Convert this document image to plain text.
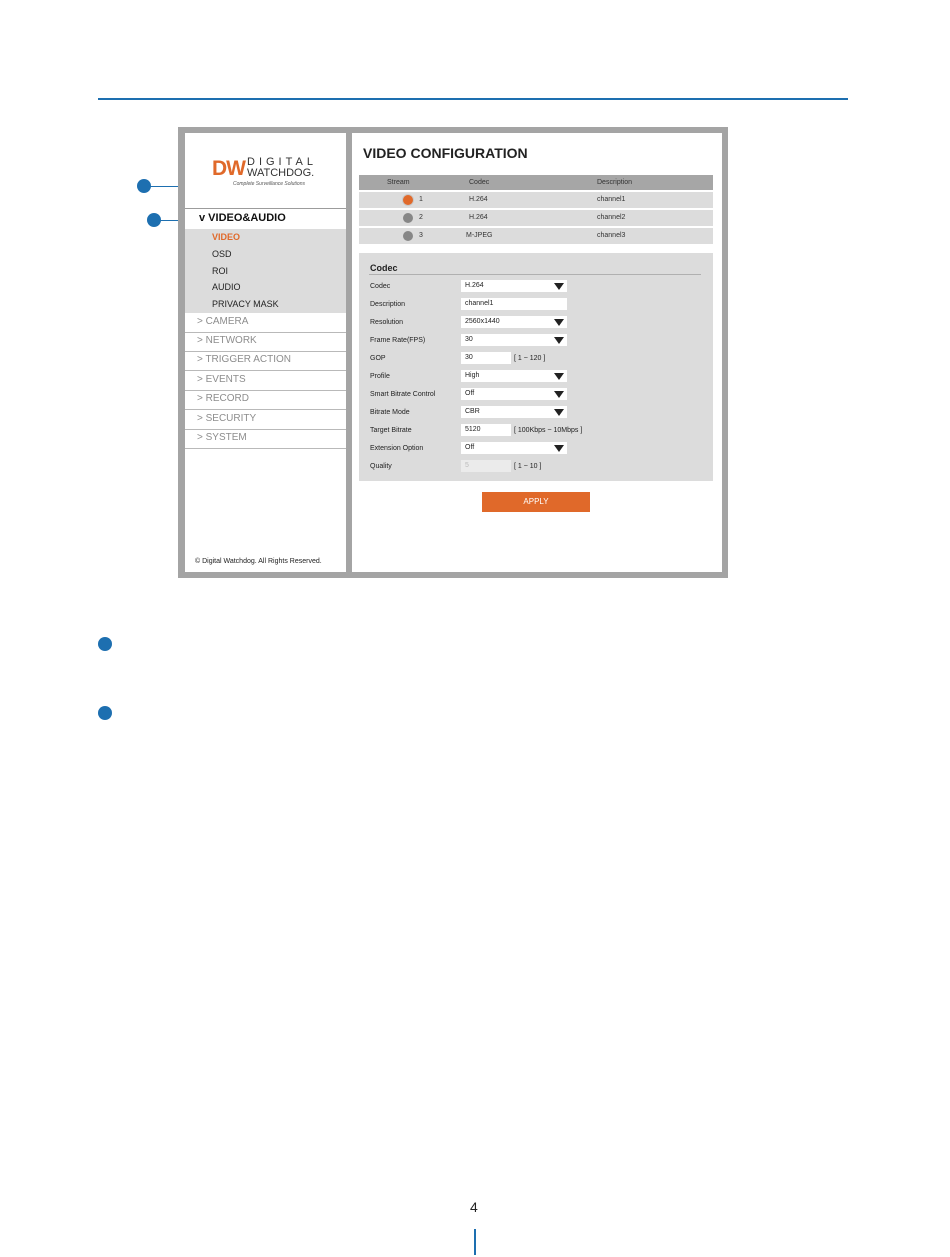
DW DIGITAL
WATCHDOG.
Complete Surveillance Solutions
v VIDEO&AUDIO
VIDEO
OSD
ROI
AUDIO
PRIVACY MASK
> CAMERA
> NETWORK
> TRIGGER ACTION
> EVENTS
> RECORD
> SECURITY
> SYSTEM
© Digital Watchdog. All Rights Reserved.
VIDEO CONFIGURATION
Stream	Codec	Description
1	H.264	channel1
2	H.264	channel2
3	M-JPEG	channel3
Codec
Codec	H.264
Description	channel1
Resolution	2560x1440
Frame Rate(FPS)	30
GOP	30	[ 1 ~ 120 ]
Profile	High
Smart Bitrate Control	Off
Bitrate Mode	CBR
Target Bitrate	5120	[ 100Kbps ~ 10Mbps ]
Extension Option	Off
Quality	5	[ 1 ~ 10 ]
APPLY
4
